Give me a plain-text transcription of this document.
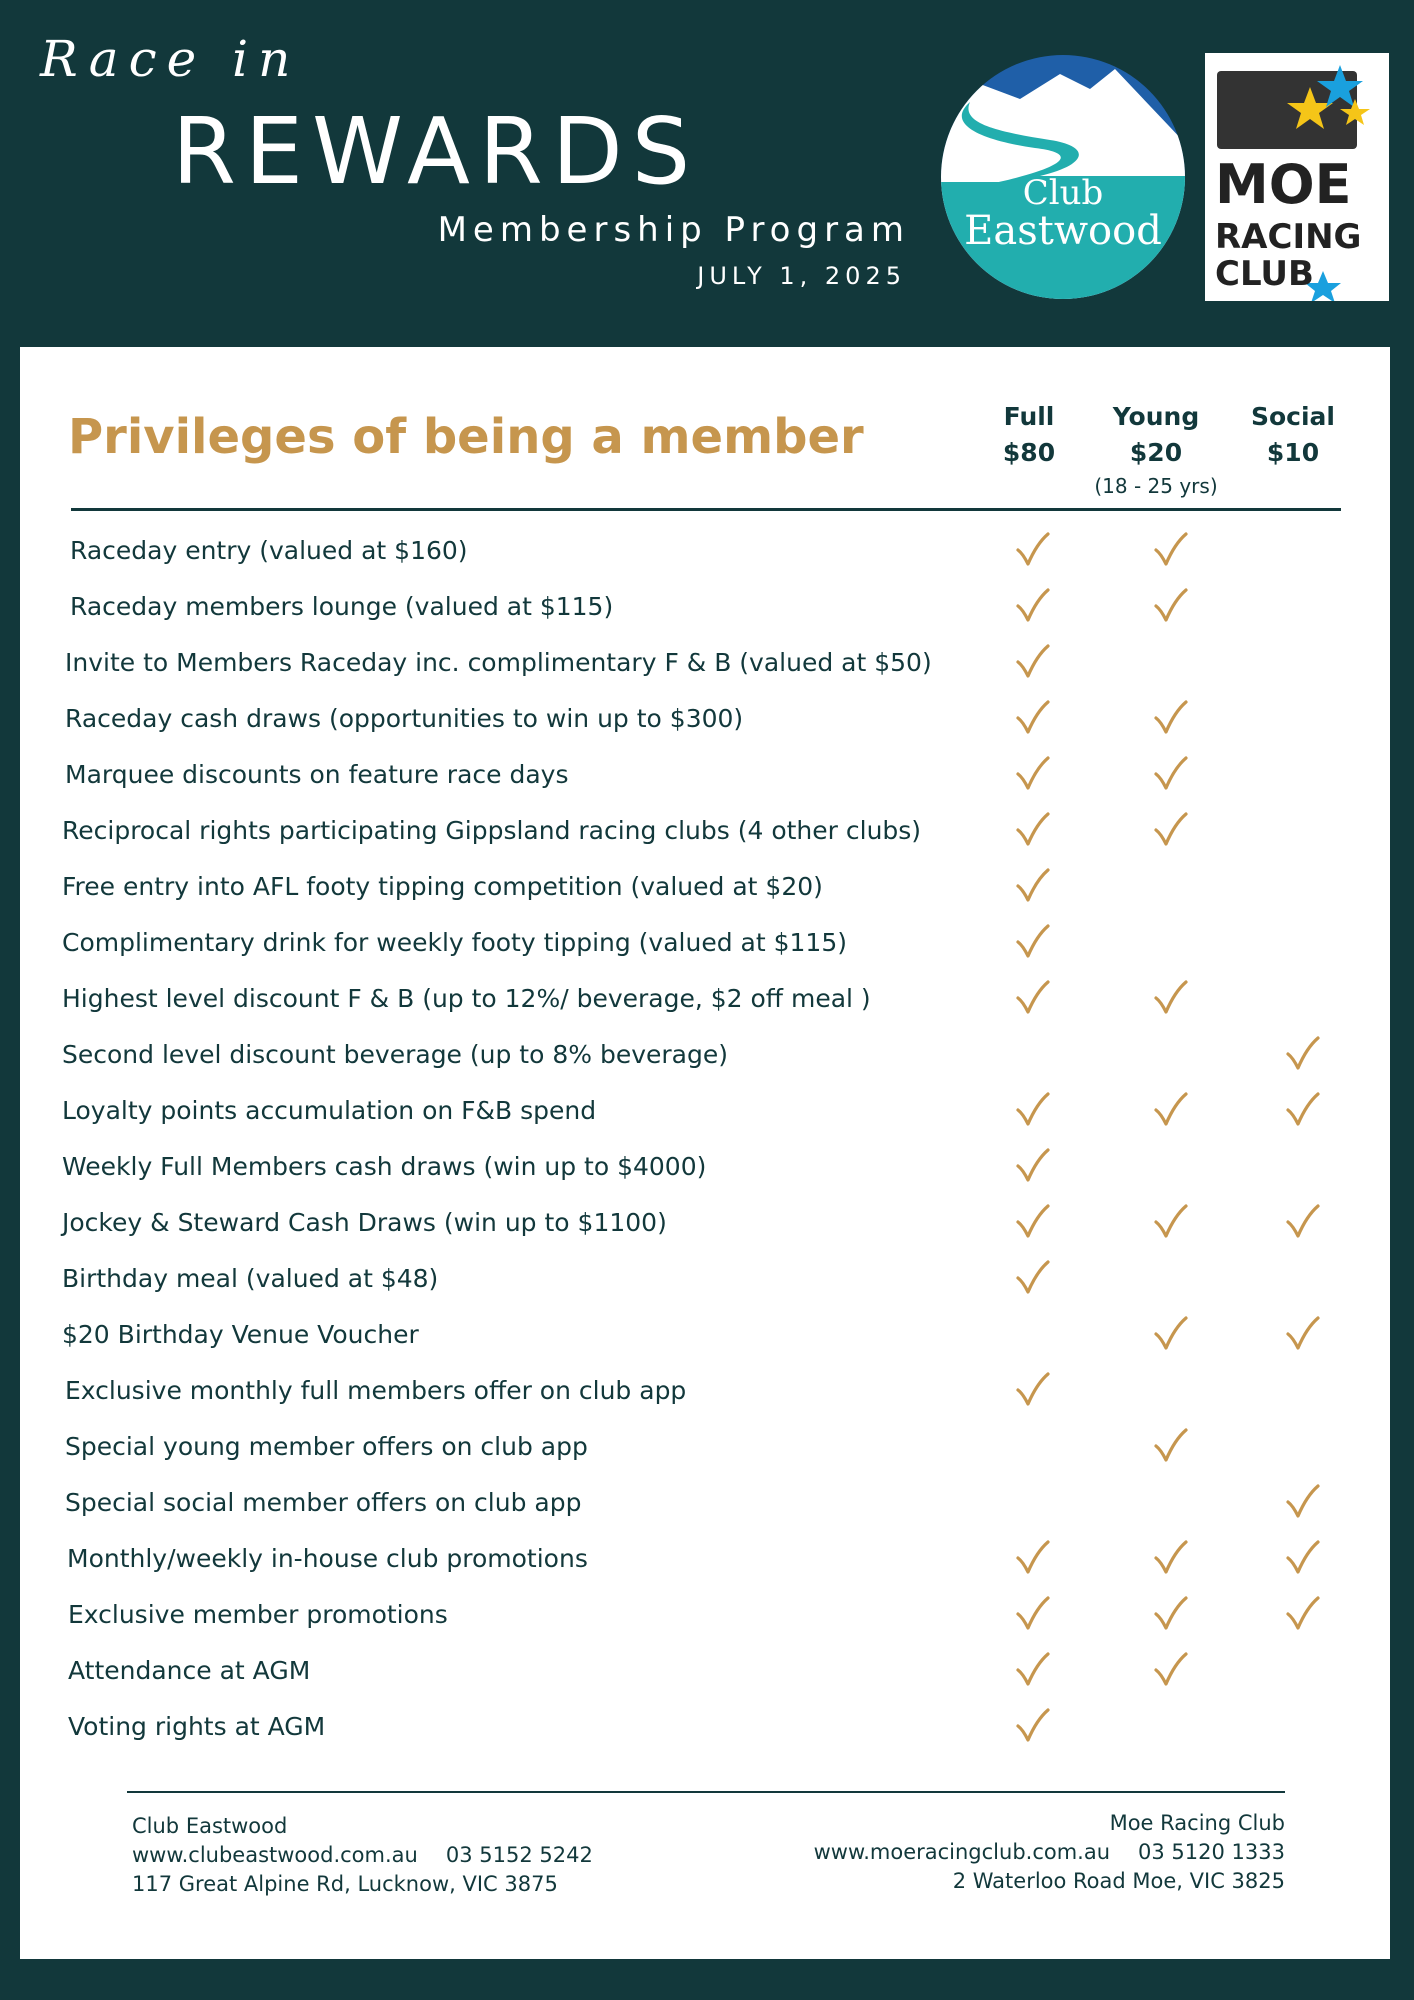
Race in
REWARDS
Membership Program
JULY 1, 2025
Club
Eastwood
MOE
RACING
CLUB
Privileges of being a member	Full
$80
Young
$20
(18 - 25 yrs)
Social
$10
Raceday entry (valued at $160)
Raceday members lounge (valued at $115)
Invite to Members Raceday inc. complimentary F & B (valued at $50)
Raceday cash draws (opportunities to win up to $300)
Marquee discounts on feature race days
Reciprocal rights participating Gippsland racing clubs (4 other clubs)
Free entry into AFL footy tipping competition (valued at $20)
Complimentary drink for weekly footy tipping (valued at $115)
Highest level discount F & B (up to 12%/ beverage, $2 off meal )
Second level discount beverage (up to 8% beverage)
Loyalty points accumulation on F&B spend
Weekly Full Members cash draws (win up to $4000)
Jockey & Steward Cash Draws (win up to $1100)
Birthday meal (valued at $48)
$20 Birthday Venue Voucher
Exclusive monthly full members offer on club app
Special young member offers on club app
Special social member offers on club app
Monthly/weekly in-house club promotions
Exclusive member promotions
Attendance at AGM
Voting rights at AGM
Club Eastwood
www.clubeastwood.com.au 03 5152 5242
117 Great Alpine Rd, Lucknow, VIC 3875
Moe Racing Club
www.moeracingclub.com.au 03 5120 1333
2 Waterloo Road Moe, VIC 3825
